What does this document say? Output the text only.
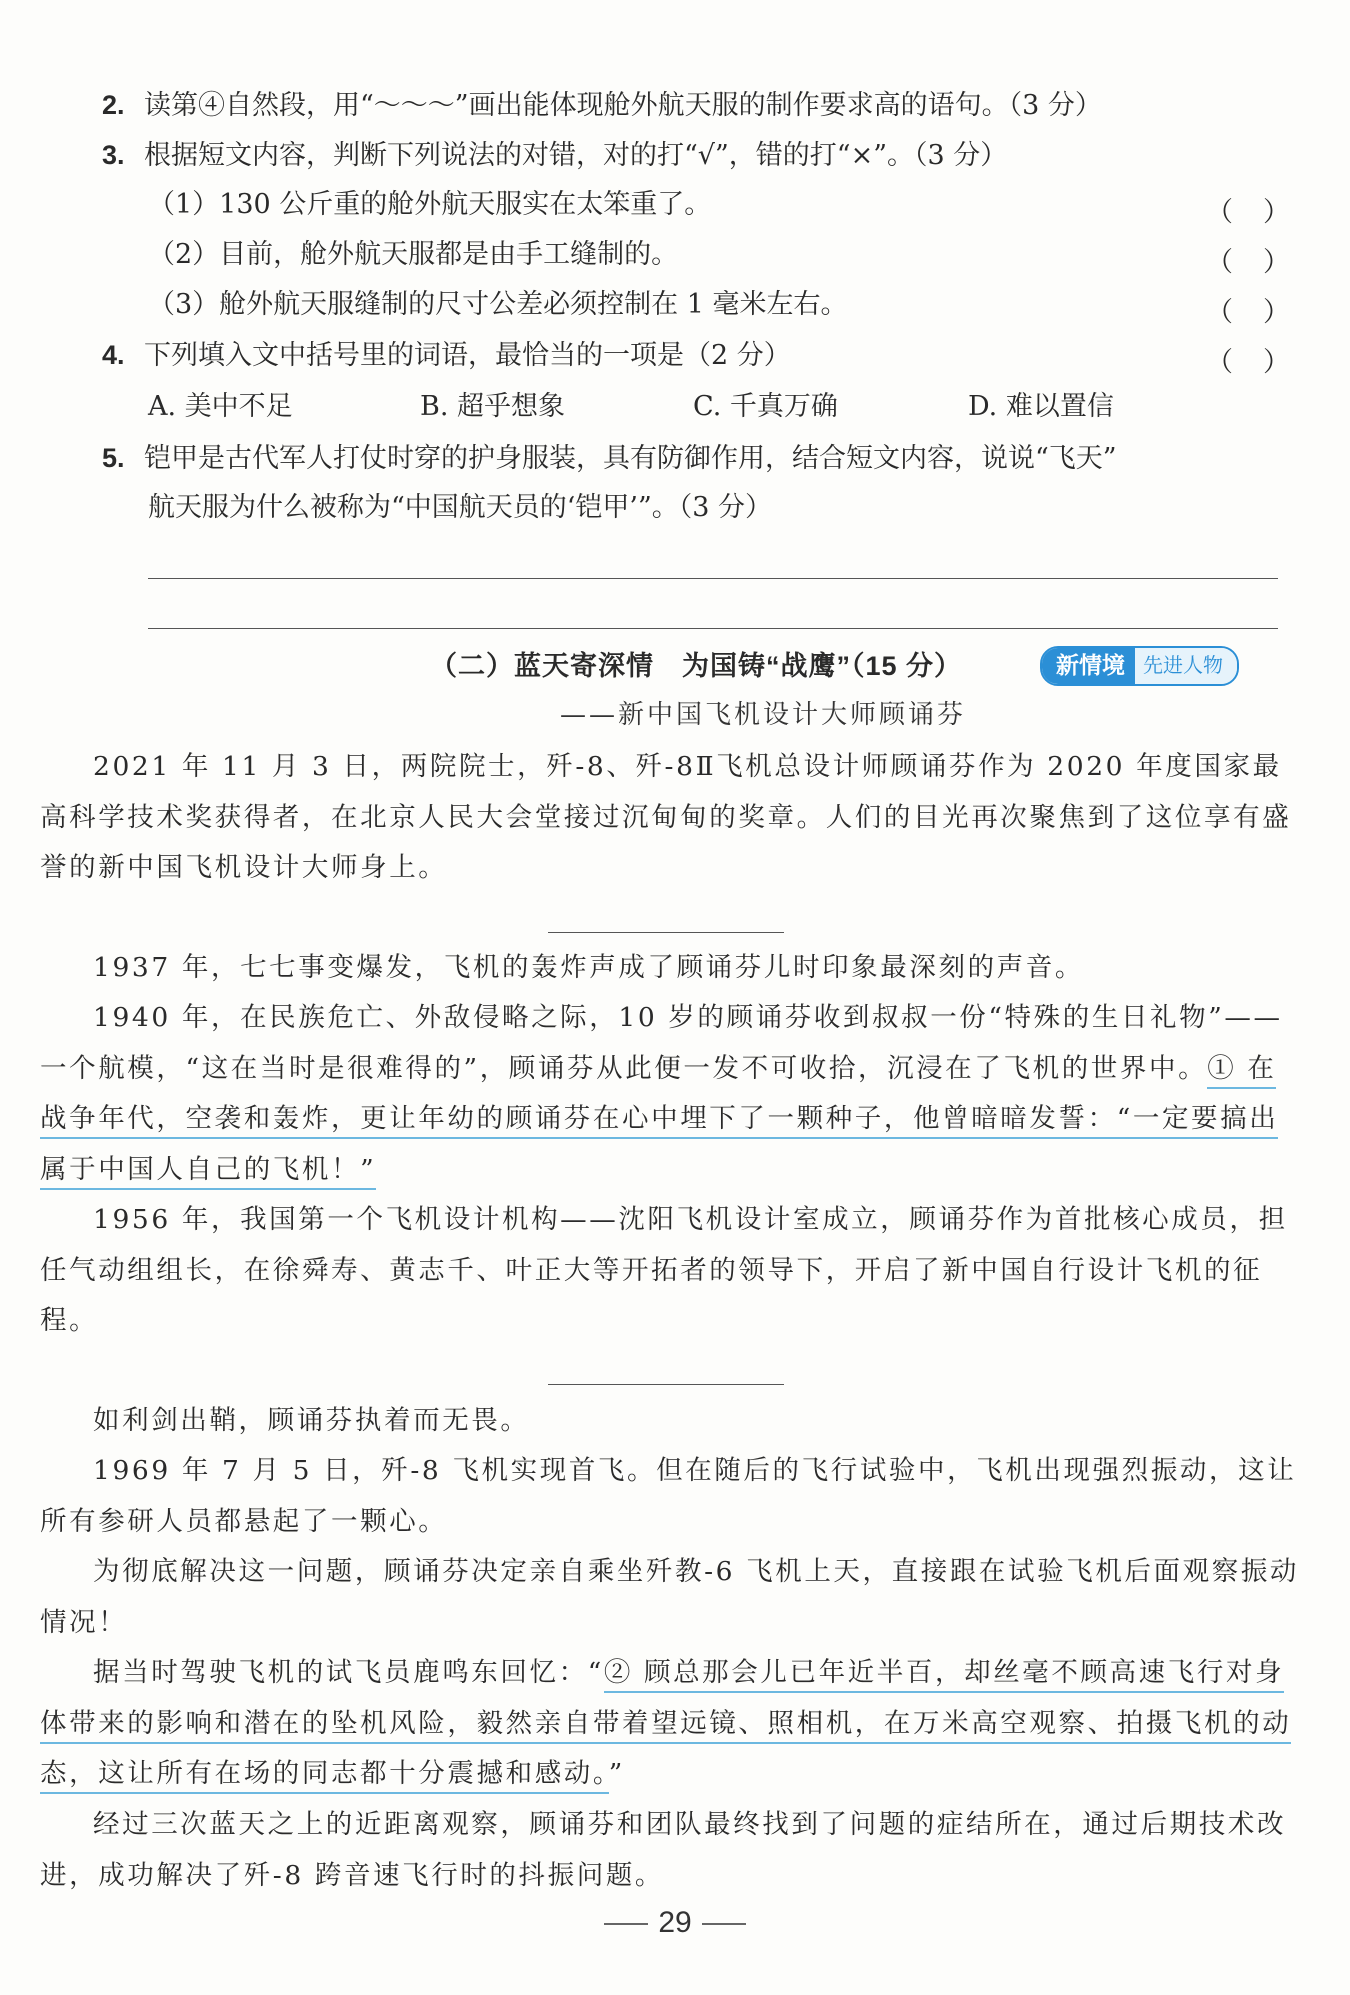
2. 读第④自然段，用“～～～”画出能体现舱外航天服的制作要求高的语句。（3 分）
3. 根据短文内容，判断下列说法的对错，对的打“√”，错的打“×”。（3 分）
（1）130 公斤重的舱外航天服实在太笨重了。	（ ）
（2）目前，舱外航天服都是由手工缝制的。	（ ）
（3）舱外航天服缝制的尺寸公差必须控制在 1 毫米左右。	（ ）
4. 下列填入文中括号里的词语，最恰当的一项是（2 分）	（ ）
A. 美中不足	B. 超乎想象	C. 千真万确	D. 难以置信
5. 铠甲是古代军人打仗时穿的护身服装，具有防御作用，结合短文内容，说说“飞天”
航天服为什么被称为“中国航天员的‘铠甲’”。（3 分）
（二）蓝天寄深情　为国铸“战鹰”（15 分）	新情境 先进人物
——新中国飞机设计大师顾诵芬
2021 年 11 月 3 日，两院院士，歼-8、歼-8Ⅱ飞机总设计师顾诵芬作为 2020 年度国家最高科学技术奖获得者，在北京人民大会堂接过沉甸甸的奖章。人们的目光再次聚焦到了这位享有盛誉的新中国飞机设计大师身上。
1937 年，七七事变爆发，飞机的轰炸声成了顾诵芬儿时印象最深刻的声音。
1940 年，在民族危亡、外敌侵略之际，10 岁的顾诵芬收到叔叔一份“特殊的生日礼物”——一个航模，“这在当时是很难得的”，顾诵芬从此便一发不可收拾，沉浸在了飞机的世界中。① 在战争年代，空袭和轰炸，更让年幼的顾诵芬在心中埋下了一颗种子，他曾暗暗发誓：“一定要搞出属于中国人自己的飞机！”
1956 年，我国第一个飞机设计机构——沈阳飞机设计室成立，顾诵芬作为首批核心成员，担任气动组组长，在徐舜寿、黄志千、叶正大等开拓者的领导下，开启了新中国自行设计飞机的征程。
如利剑出鞘，顾诵芬执着而无畏。
1969 年 7 月 5 日，歼-8 飞机实现首飞。但在随后的飞行试验中，飞机出现强烈振动，这让所有参研人员都悬起了一颗心。
为彻底解决这一问题，顾诵芬决定亲自乘坐歼教-6 飞机上天，直接跟在试验飞机后面观察振动情况！
据当时驾驶飞机的试飞员鹿鸣东回忆：“② 顾总那会儿已年近半百，却丝毫不顾高速飞行对身体带来的影响和潜在的坠机风险，毅然亲自带着望远镜、照相机，在万米高空观察、拍摄飞机的动态，这让所有在场的同志都十分震撼和感动。”
经过三次蓝天之上的近距离观察，顾诵芬和团队最终找到了问题的症结所在，通过后期技术改进，成功解决了歼-8 跨音速飞行时的抖振问题。
29
